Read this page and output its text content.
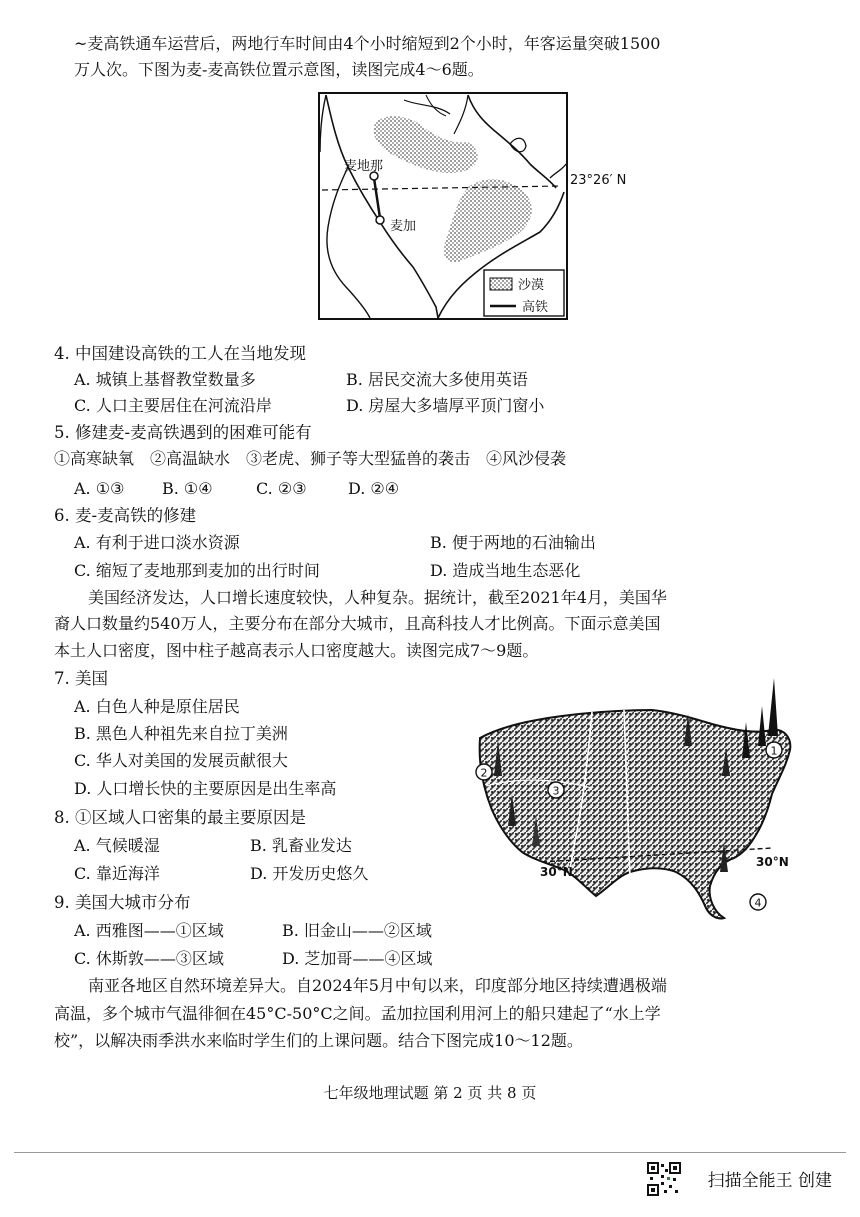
~麦高铁通车运营后，两地行车时间由4个小时缩短到2个小时，年客运量突破1500
万人次。下图为麦-麦高铁位置示意图，读图完成4～6题。
麦地那
麦加
沙漠
高铁
23°26′ N
4. 中国建设高铁的工人在当地发现
A. 城镇上基督教堂数量多	B. 居民交流大多使用英语
C. 人口主要居住在河流沿岸	D. 房屋大多墙厚平顶门窗小
5. 修建麦-麦高铁遇到的困难可能有
①高寒缺氧　②高温缺水　③老虎、狮子等大型猛兽的袭击　④风沙侵袭
A. ①③ B. ①④	C. ②③	D. ②④
6. 麦-麦高铁的修建
A. 有利于进口淡水资源	B. 便于两地的石油输出
C. 缩短了麦地那到麦加的出行时间	D. 造成当地生态恶化
美国经济发达，人口增长速度较快，人种复杂。据统计，截至2021年4月，美国华
裔人口数量约540万人，主要分布在部分大城市，且高科技人才比例高。下面示意美国
本土人口密度，图中柱子越高表示人口密度越大。读图完成7～9题。
7. 美国
A. 白色人种是原住居民
B. 黑色人种祖先来自拉丁美洲
C. 华人对美国的发展贡献很大
D. 人口增长快的主要原因是出生率高
1
2
3
4
30°N
30°N
8. ①区域人口密集的最主要原因是
A. 气候暖湿	B. 乳畜业发达
C. 靠近海洋	D. 开发历史悠久
9. 美国大城市分布
A. 西雅图——①区域	B. 旧金山——②区域
C. 休斯敦——③区域	D. 芝加哥——④区域
南亚各地区自然环境差异大。自2024年5月中旬以来，印度部分地区持续遭遇极端
高温，多个城市气温徘徊在45°C-50°C之间。孟加拉国利用河上的船只建起了“水上学
校”，以解决雨季洪水来临时学生们的上课问题。结合下图完成10～12题。
七年级地理试题 第 2 页 共 8 页
扫描全能王 创建
